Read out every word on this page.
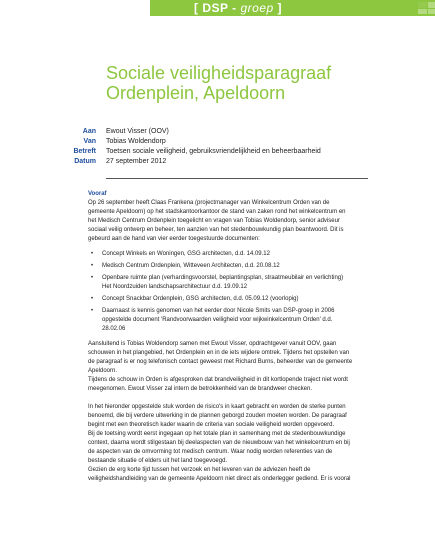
[ DSP - groep ]
Sociale veiligheidsparagraaf
Ordenplein, Apeldoorn
Aan	Ewout Visser (OOV)
Van	Tobias Woldendorp
Betreft	Toetsen sociale veiligheid, gebruiksvriendelijkheid en beheerbaarheid
Datum	27 september 2012
Vooraf
Op 26 september heeft Claas Frankena (projectmanager van Winkelcentrum Orden van de
gemeente Apeldoorn) op het stadskantoorkantoor de stand van zaken rond het winkelcentrum en
het Medisch Centrum Ordenplein toegelicht en vragen van Tobias Woldendorp, senior adviseur
sociaal veilig ontwerp en beheer, ten aanzien van het stedenbouwkundig plan beantwoord. Dit is
gebeurd aan de hand van vier eerder toegestuurde documenten:
• Concept Winkels en Woningen, GSG architecten, d.d. 14.09.12
• Medisch Centrum Ordenplein, Witteveen Architecten, d.d. 20.08.12
• Openbare ruimte plan (verhardingsvoorstel, beplantingsplan, straatmeubilair en verlichting)
Het Noordzuiden landschapsarchitectuur d.d. 19.09.12
• Concept Snackbar Ordenplein, GSG architecten, d.d. 05.09.12 (voorlopig)
• Daarnaast is kennis genomen van het eerder door Nicole Smits van DSP-groep in 2006
opgestelde document 'Randvoorwaarden veiligheid voor wijkwinkelcentrum Orden' d.d.
28.02.06
Aansluitend is Tobias Woldendorp samen met Ewout Visser, opdrachtgever vanuit OOV, gaan
schouwen in het plangebied, het Ordenplein en in de iets wijdere omtrek. Tijdens het opstellen van
de paragraaf is er nog telefonisch contact geweest met Richard Burns, beheerder van de gemeente
Apeldoorn.
Tijdens de schouw in Orden is afgesproken dat brandveiligheid in dit kortlopende traject niet wordt
meegenomen. Ewout Visser zal intern de betrokkenheid van de brandweer checken.
In het hieronder opgestelde stuk worden de risico's in kaart gebracht en worden de sterke punten
benoemd, die bij verdere uitwerking in de plannen geborgd zouden moeten worden. De paragraaf
begint met een theoretisch kader waarin de criteria van sociale veiligheid worden opgevoerd.
Bij de toetsing wordt eerst ingegaan op het totale plan in samenhang met de stedenbouwkundige
context, daarna wordt stilgestaan bij deelaspecten van de nieuwbouw van het winkelcentrum en bij
de aspecten van de omvorming tot medisch centrum. Waar nodig worden referenties van de
bestaande situatie of elders uit het land toegevoegd.
Gezien de erg korte tijd tussen het verzoek en het leveren van de adviezen heeft de
veiligheidshandleiding van de gemeente Apeldoorn niet direct als onderlegger gediend. Er is vooral
